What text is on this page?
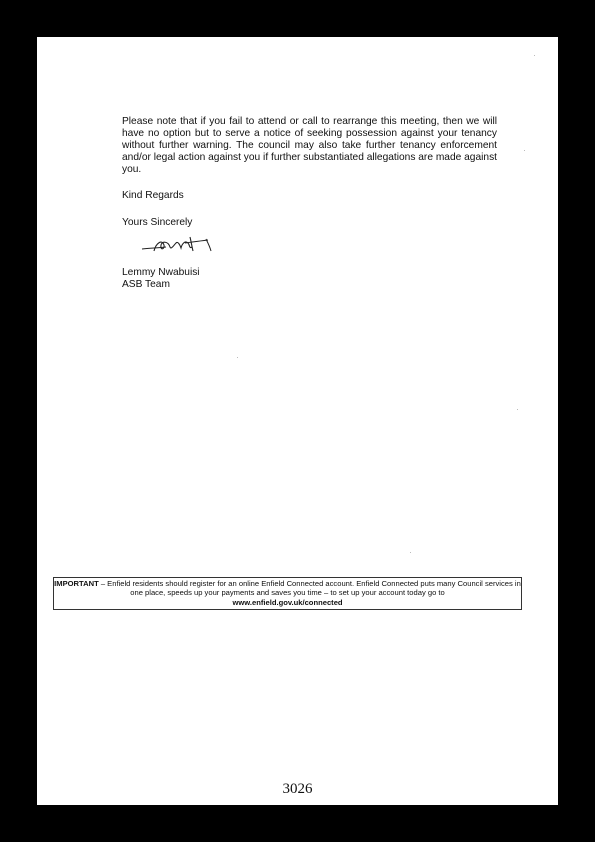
Please note that if you fail to attend or call to rearrange this meeting, then we will have no option but to serve a notice of seeking possession against your tenancy without further warning. The council may also take further tenancy enforcement and/or legal action against you if further substantiated allegations are made against you.

Kind Regards
Yours Sincerely
Lemmy Nwabuisi
ASB Team
IMPORTANT – Enfield residents should register for an online Enfield Connected account. Enfield Connected puts many Council services in one place, speeds up your payments and saves you time – to set up your account today go to
www.enfield.gov.uk/connected
3026
